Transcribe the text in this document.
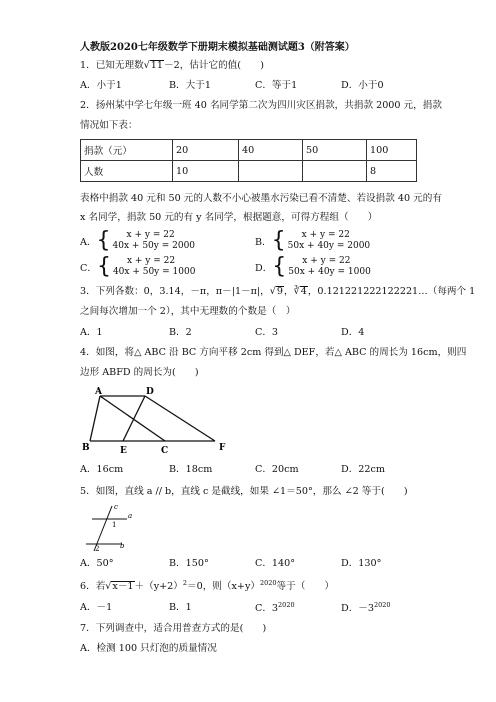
人教版2020七年级数学下册期末模拟基础测试题3（附答案）
1．已知无理数√11－2，估计它的值(　　)
A．小于1	B．大于1	C．等于1	D．小于0
2．扬州某中学七年级一班 40 名同学第二次为四川灾区捐款，共捐款 2000 元，捐款
情况如下表：
捐款（元）	20	40	50	100
人数	10			8
表格中捐款 40 元和 50 元的人数不小心被墨水污染已看不清楚、若设捐款 40 元的有
x 名同学，捐款 50 元的有 y 名同学，根据题意，可得方程组（　　）
A． {	x + y = 22
40x + 50y = 2000	B． {	x + y = 22
50x + 40y = 2000
C． {	x + y = 22
40x + 50y = 1000	D． {	x + y = 22
50x + 40y = 1000
3．下列各数：0，3.14，－π，π－|1－π|，√9，∛4，0.121221222122221…（每两个 1
之间每次增加一个 2），其中无理数的个数是（　）
A．1	B．2	C．3	D．4
4．如图，将△ ABC 沿 BC 方向平移 2cm 得到△ DEF，若△ ABC 的周长为 16cm，则四
边形 ABFD 的周长为(　　)
A	D
B	E	C	F
A．16cm	B．18cm	C．20cm	D．22cm
5．如图，直线 a // b，直线 c 是截线，如果 ∠1＝50°，那么 ∠2 等于(　　)
c
a
1
2	b
A．50°	B．150°	C．140°	D．130°
6．若$√x-1+(y+2)^2=0$，则$(x+y)^{2020}$等于（　　）
A．－1	B．1	C．$3^{2020}$	D．$-3^{2020}$
7．下列调查中，适合用普查方式的是(　　)
A．检测 100 只灯泡的质量情况
